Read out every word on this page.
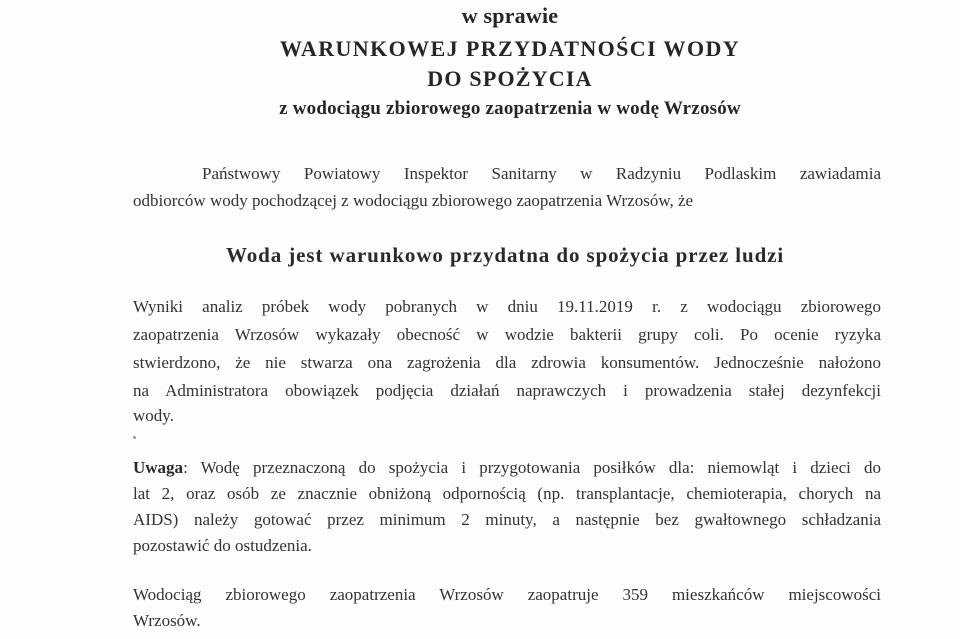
w sprawie
WARUNKOWEJ PRZYDATNOŚCI WODY
DO SPOŻYCIA
z wodociągu zbiorowego zaopatrzenia w wodę Wrzosów
Państwowy Powiatowy Inspektor Sanitarny w Radzyniu Podlaskim zawiadamia
odbiorców wody pochodzącej z wodociągu zbiorowego zaopatrzenia Wrzosów, że
Woda jest warunkowo przydatna do spożycia przez ludzi
Wyniki analiz próbek wody pobranych w dniu 19.11.2019 r. z wodociągu zbiorowego
zaopatrzenia Wrzosów wykazały obecność w wodzie bakterii grupy coli. Po ocenie ryzyka
stwierdzono, że nie stwarza ona zagrożenia dla zdrowia konsumentów. Jednocześnie nałożono
na Administratora obowiązek podjęcia działań naprawczych i prowadzenia stałej dezynfekcji
wody.
Uwaga: Wodę przeznaczoną do spożycia i przygotowania posiłków dla: niemowląt i dzieci do
lat 2, oraz osób ze znacznie obniżoną odpornością (np. transplantacje, chemioterapia, chorych na
AIDS) należy gotować przez minimum 2 minuty, a następnie bez gwałtownego schładzania
pozostawić do ostudzenia.
Wodociąg zbiorowego zaopatrzenia Wrzosów zaopatruje 359 mieszkańców miejscowości
Wrzosów.
